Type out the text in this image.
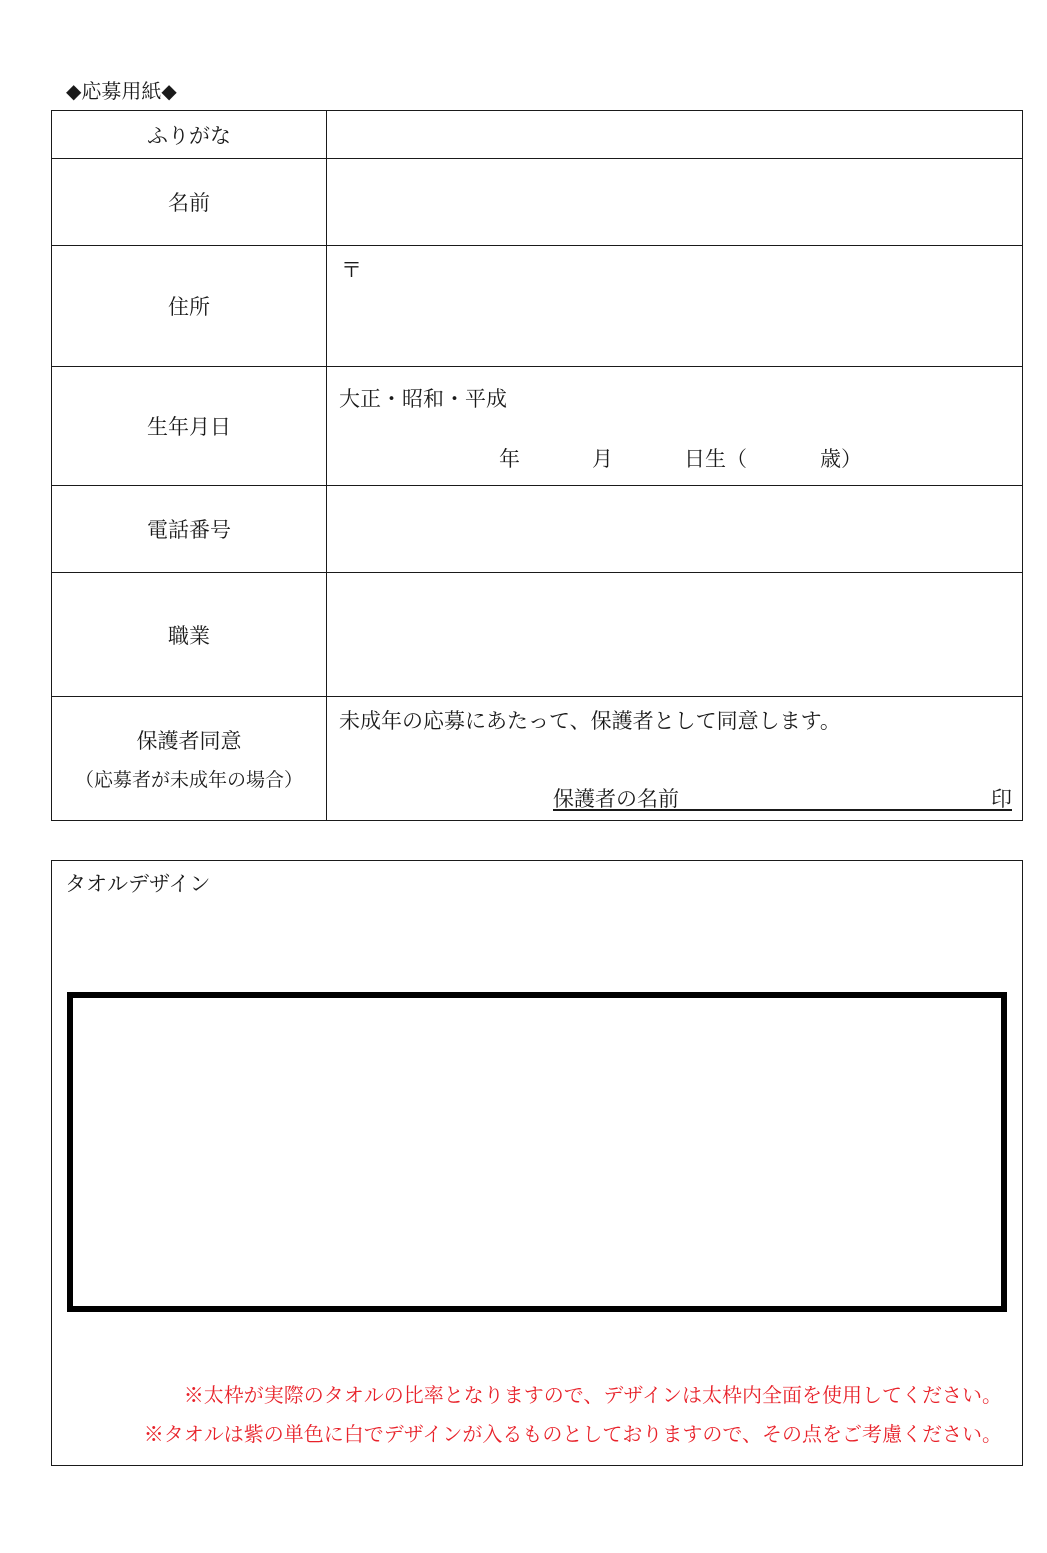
◆応募用紙◆
ふりがな	
名前	
住所	〒

生年月日	大正・昭和・平成
年 月 日生（ 歳）

電話番号	
職業	
保護者同意
（応募者が未成年の場合）	未成年の応募にあたって、保護者として同意します。
保護者の名前 印
タオルデザイン
※太枠が実際のタオルの比率となりますので、デザインは太枠内全面を使用してください。
※タオルは紫の単色に白でデザインが入るものとしておりますので、その点をご考慮ください。
